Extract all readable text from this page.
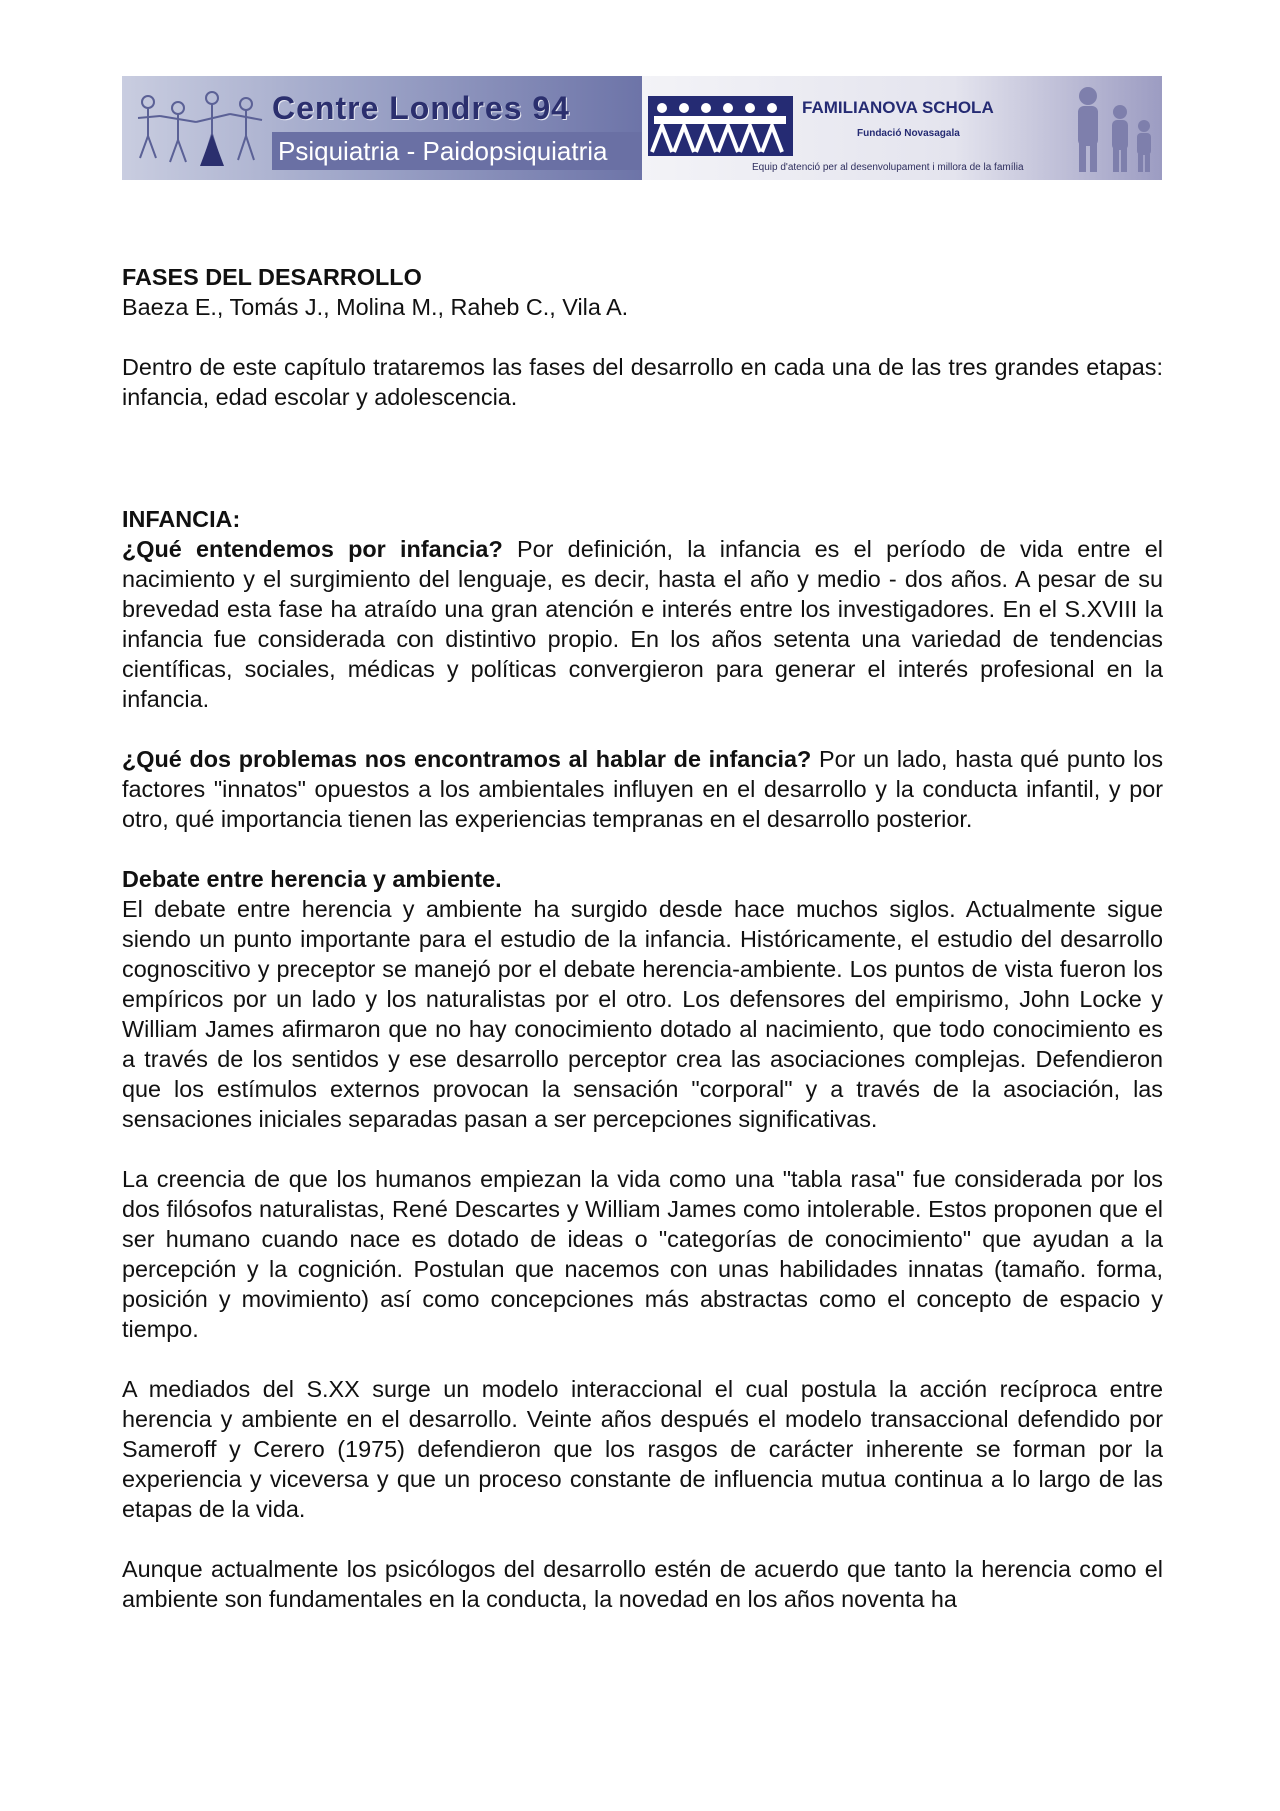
Centre Londres 94
Psiquiatria - Paidopsiquiatria
FAMILIANOVA SCHOLA
Fundació Novasagala
Equip d'atenció per al desenvolupament i millora de la família

FASES DEL DESARROLLO

Baeza E., Tomás J., Molina M., Raheb C., Vila A.

Dentro de este capítulo trataremos las fases del desarrollo en cada una de las tres grandes etapas: infancia, edad escolar y adolescencia.

INFANCIA:

¿Qué entendemos por infancia? Por definición, la infancia es el período de vida entre el nacimiento y el surgimiento del lenguaje, es decir, hasta el año y medio - dos años. A pesar de su brevedad esta fase ha atraído una gran atención e interés entre los investigadores. En el S.XVIII la infancia fue considerada con distintivo propio. En los años setenta una variedad de tendencias científicas, sociales, médicas y políticas convergieron para generar el interés profesional en la infancia.

¿Qué dos problemas nos encontramos al hablar de infancia? Por un lado, hasta qué punto los factores "innatos" opuestos a los ambientales influyen en el desarrollo y la conducta infantil, y por otro, qué importancia tienen las experiencias tempranas en el desarrollo posterior.

Debate entre herencia y ambiente.

El debate entre herencia y ambiente ha surgido desde hace muchos siglos. Actualmente sigue siendo un punto importante para el estudio de la infancia. Históricamente, el estudio del desarrollo cognoscitivo y preceptor se manejó por el debate herencia-ambiente. Los puntos de vista fueron los empíricos por un lado y los naturalistas por el otro. Los defensores del empirismo, John Locke y William James afirmaron que no hay conocimiento dotado al nacimiento, que todo conocimiento es a través de los sentidos y ese desarrollo perceptor crea las asociaciones complejas. Defendieron que los estímulos externos provocan la sensación "corporal" y a través de la asociación, las sensaciones iniciales separadas pasan a ser percepciones significativas.

La creencia de que los humanos empiezan la vida como una "tabla rasa" fue considerada por los dos filósofos naturalistas, René Descartes y William James como intolerable. Estos proponen que el ser humano cuando nace es dotado de ideas o "categorías de conocimiento" que ayudan a la percepción y la cognición. Postulan que nacemos con unas habilidades innatas (tamaño. forma, posición y movimiento) así como concepciones más abstractas como el concepto de espacio y tiempo.

A mediados del S.XX surge un modelo interaccional el cual postula la acción recíproca entre herencia y ambiente en el desarrollo. Veinte años después el modelo transaccional defendido por Sameroff y Cerero (1975) defendieron que los rasgos de carácter inherente se forman por la experiencia y viceversa y que un proceso constante de influencia mutua continua a lo largo de las etapas de la vida.

Aunque actualmente los psicólogos del desarrollo estén de acuerdo que tanto la herencia como el ambiente son fundamentales en la conducta, la novedad en los años noventa ha
